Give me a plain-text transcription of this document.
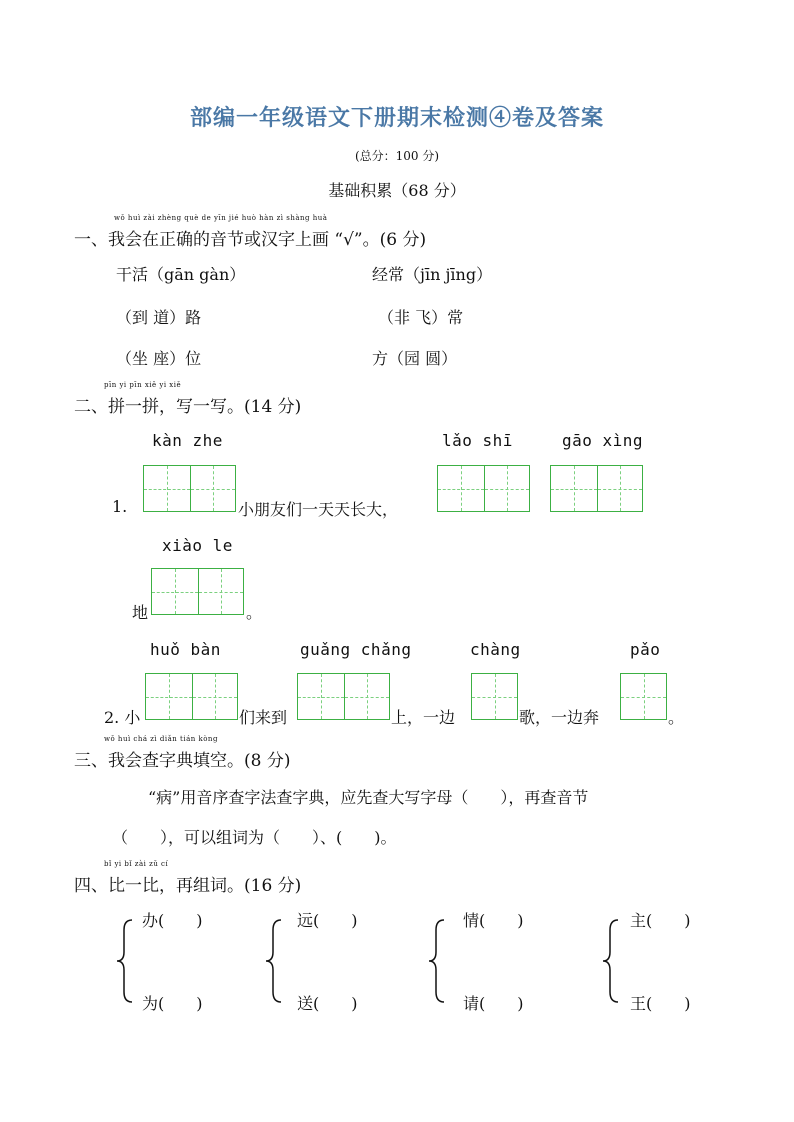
部编一年级语文下册期末检测④卷及答案
(总分：100 分)
基础积累（68 分）
wǒ huì zài zhèng què de yīn jié huò hàn zì shàng huà
一、我会在正确的音节或汉字上画 “√”。(6 分)
干活（gān gàn）	经常（jīn jīng）
（到 道）路	（非 飞）常
（坐 座）位	方（园 圆）
pīn yi pīn xiě yi xiě
二、拼一拼，写一写。(14 分)
kàn zhe	lǎo shī	gāo xìng
1.	小朋友们一天天长大，
xiào le
地	。
huǒ bàn	guǎng chǎng	chàng	pǎo
2. 小	们来到	上，一边	歌，一边奔	。
wǒ huì chá zì diǎn tián kòng
三、我会查字典填空。(8 分)
“病”用音序查字法查字典，应先查大写字母（　　），再查音节
（　　），可以组词为（　　）、(　　)。
bǐ yi bǐ zài zǔ cí
四、比一比，再组词。(16 分)
办(　　)
为(　　)
远(　　)
送(　　)
情(　　)
请(　　)
主(　　)
王(　　)
